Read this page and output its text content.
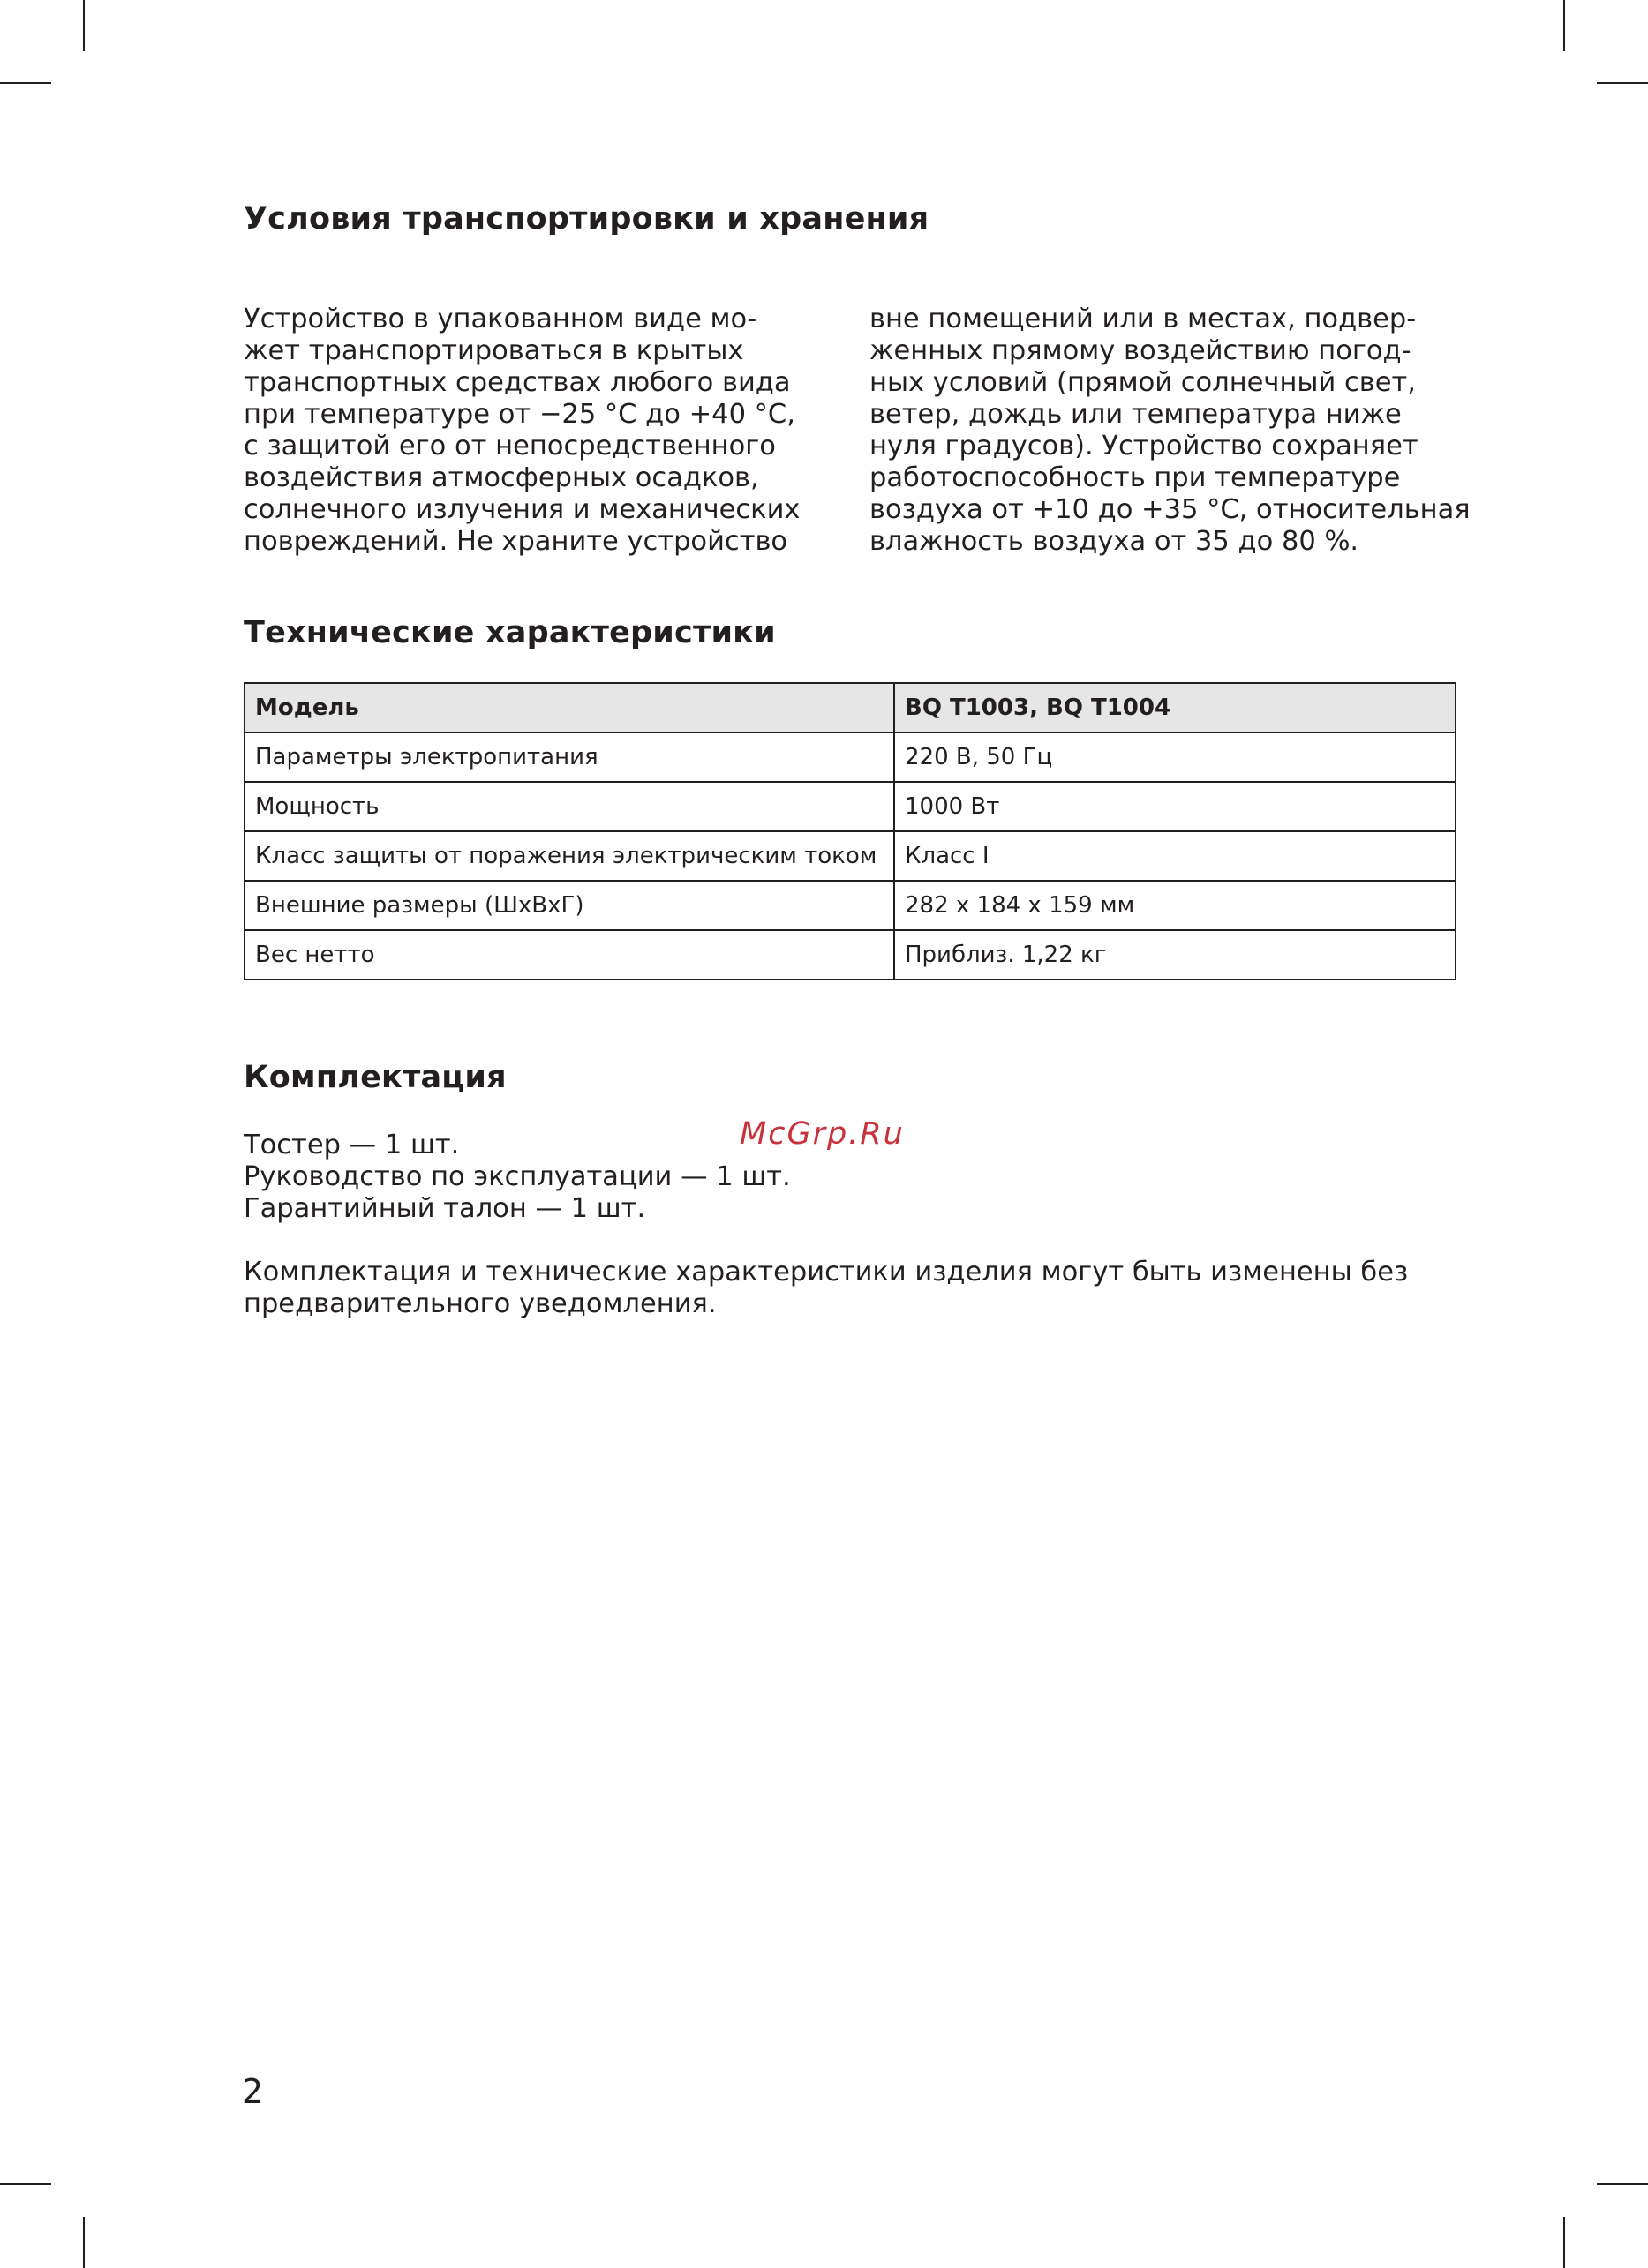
Условия транспортировки и хранения

Устройство в упакованном виде мо-
жет транспортироваться в крытых
транспортных средствах любого вида
при температуре от −25 °C до +40 °C,
с защитой его от непосредственного
воздействия атмосферных осадков,
солнечного излучения и механических
повреждений. Не храните устройство

вне помещений или в местах, подвер-
женных прямому воздействию погод-
ных условий (прямой солнечный свет,
ветер, дождь или температура ниже
нуля градусов). Устройство сохраняет
работоспособность при температуре
воздуха от +10 до +35 °C, относительная
влажность воздуха от 35 до 80 %.

Технические характеристики
Модель	BQ T1003, BQ T1004
Параметры электропитания	220 В, 50 Гц
Мощность	1000 Вт
Класс защиты от поражения электрическим током	Класс I
Внешние размеры (ШхВхГ)	282 x 184 x 159 мм
Вес нетто	Приблиз. 1,22 кг
Комплектация
Тостер — 1 шт.
Руководство по эксплуатации — 1 шт.
Гарантийный талон — 1 шт.
McGrp.Ru

Комплектация и технические характеристики изделия могут быть изменены без
предварительного уведомления.

2
